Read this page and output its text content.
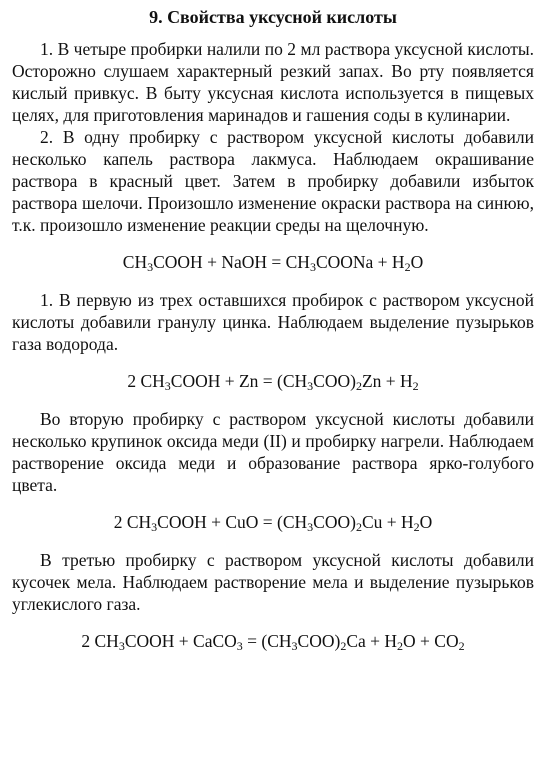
9. Свойства уксусной кислоты

1. В четыре пробирки налили по 2 мл раствора уксусной кислоты. Осторожно слушаем характерный резкий запах. Во рту появляется кислый привкус. В быту уксусная кислота используется в пищевых целях, для приготовления маринадов и гашения соды в кулинарии.

2. В одну пробирку с раствором уксусной кислоты добавили несколько капель раствора лакмуса. Наблюдаем окрашивание раствора в красный цвет. Затем в пробирку добавили избыток раствора шелочи. Произошло изменение окраски раствора на синюю, т.к. произошло изменение реакции среды на щелочную.

$CH_3COOH$ + NaOH = $CH_3COONa + H_2O$

1. В первую из трех оставшихся пробирок с раствором уксусной кислоты добавили гранулу цинка. Наблюдаем выделение пузырьков газа водорода.

2 $CH_3COOH + Zn = (CH_3COO)_2Zn + H_2$

Во вторую пробирку с раствором уксусной кислоты добавили несколько крупинок оксида меди (II) и пробирку нагрели. Наблюдаем растворение оксида меди и образование раствора ярко-голубого цвета.

2 $CH_3COOH$ + CuO = $(CH_3COO)_2Cu + H_2O$

В третью пробирку с раствором уксусной кислоты добавили кусочек мела. Наблюдаем растворение мела и выделение пузырьков углекислого газа.

2 $CH_3COOH$ + CaCO$_3$ = $(CH_3COO)_2Ca + H_2O + CO_2$
